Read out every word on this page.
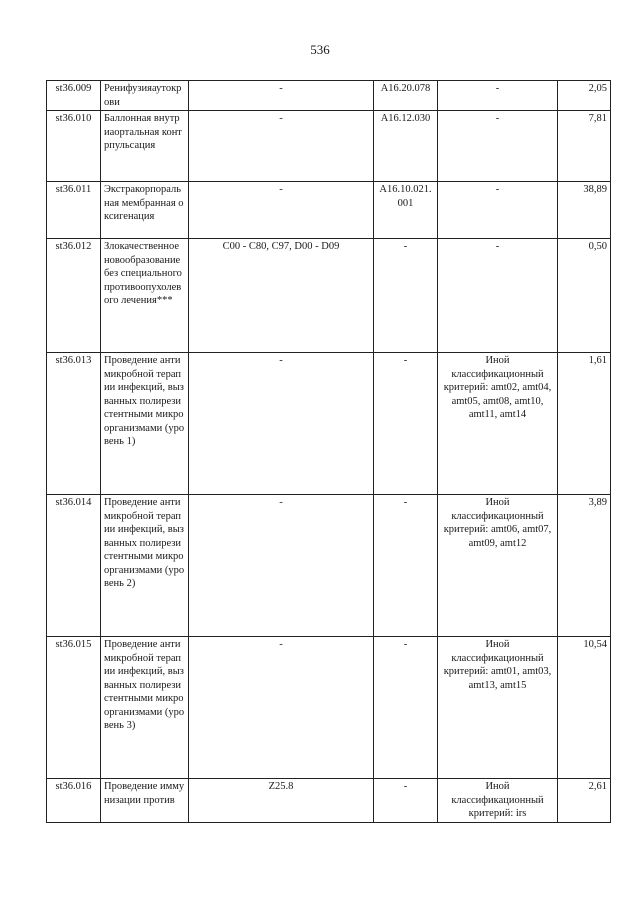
536
st36.009	Ренифузияаутокрови	-	A16.20.078	-	2,05
st36.010	Баллонная внутриаортальная контрпульсация	-	A16.12.030	-	7,81
st36.011	Экстракорпоральная мембранная оксигенация	-	A16.10.021.001	-	38,89
st36.012	Злокачественное новообразование без специального противоопухолевого лечения***	C00 - C80, C97, D00 - D09	-	-	0,50
st36.013	Проведение антимикробной терапии инфекций, вызванных полирезистентными микроорганизмами (уровень 1)	-	-	Иной классификационный критерий: amt02, amt04, amt05, amt08, amt10, amt11, amt14	1,61
st36.014	Проведение антимикробной терапии инфекций, вызванных полирезистентными микроорганизмами (уровень 2)	-	-	Иной классификационный критерий: amt06, amt07, amt09, amt12	3,89
st36.015	Проведение антимикробной терапии инфекций, вызванных полирезистентными микроорганизмами (уровень 3)	-	-	Иной классификационный критерий: amt01, amt03, amt13, amt15	10,54
st36.016	Проведение иммунизации против	Z25.8	-	Иной классификационный критерий: irs	2,61
